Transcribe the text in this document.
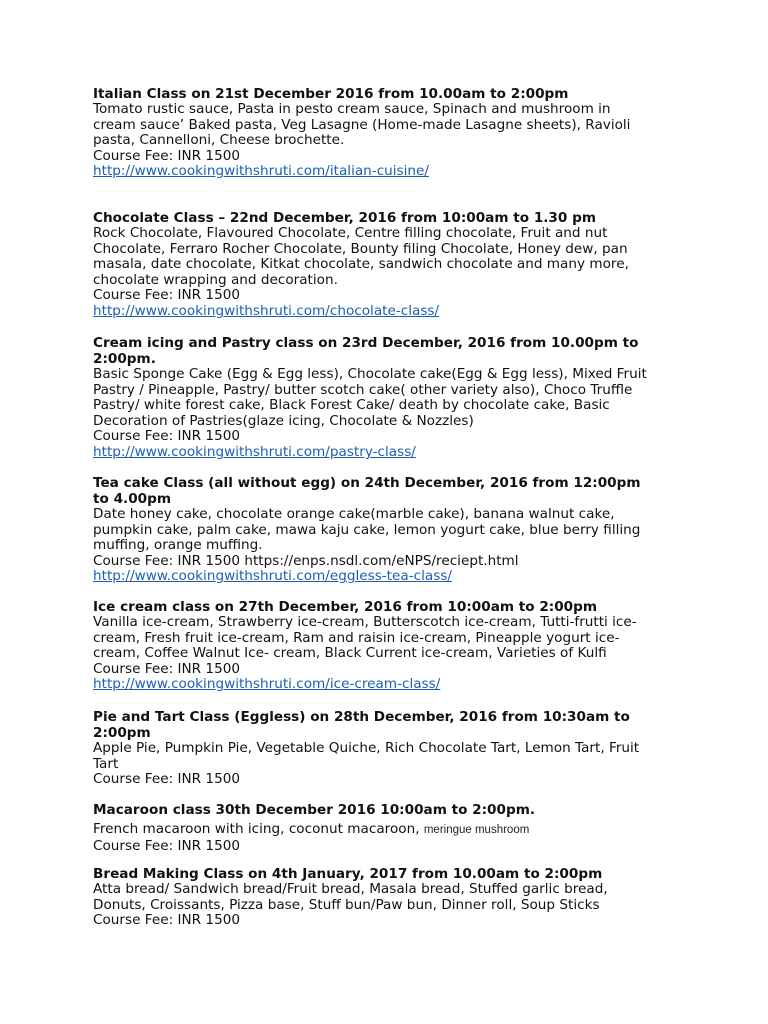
Italian Class on 21st December 2016 from 10.00am to 2:00pm

Tomato rustic sauce, Pasta in pesto cream sauce, Spinach and mushroom in

cream sauce’ Baked pasta, Veg Lasagne (Home-made Lasagne sheets), Ravioli

pasta, Cannelloni, Cheese brochette.

Course Fee: INR 1500

http://www.cookingwithshruti.com/italian-cuisine/

Chocolate Class – 22nd December, 2016 from 10:00am to 1.30 pm

Rock Chocolate, Flavoured Chocolate, Centre filling chocolate, Fruit and nut

Chocolate, Ferraro Rocher Chocolate, Bounty filing Chocolate, Honey dew, pan

masala, date chocolate, Kitkat chocolate, sandwich chocolate and many more,

chocolate wrapping and decoration.

Course Fee: INR 1500

http://www.cookingwithshruti.com/chocolate-class/

Cream icing and Pastry class on 23rd December, 2016 from 10.00pm to

2:00pm.

Basic Sponge Cake (Egg & Egg less), Chocolate cake(Egg & Egg less), Mixed Fruit

Pastry / Pineapple, Pastry/ butter scotch cake( other variety also), Choco Truffle

Pastry/ white forest cake, Black Forest Cake/ death by chocolate cake, Basic

Decoration of Pastries(glaze icing, Chocolate & Nozzles)

Course Fee: INR 1500

http://www.cookingwithshruti.com/pastry-class/

Tea cake Class (all without egg) on 24th December, 2016 from 12:00pm

to 4.00pm

Date honey cake, chocolate orange cake(marble cake), banana walnut cake,

pumpkin cake, palm cake, mawa kaju cake, lemon yogurt cake, blue berry filling

muffing, orange muffing.

Course Fee: INR 1500 https://enps.nsdl.com/eNPS/reciept.html

http://www.cookingwithshruti.com/eggless-tea-class/

Ice cream class on 27th December, 2016 from 10:00am to 2:00pm

Vanilla ice-cream, Strawberry ice-cream, Butterscotch ice-cream, Tutti-frutti ice-

cream, Fresh fruit ice-cream, Ram and raisin ice-cream, Pineapple yogurt ice-

cream, Coffee Walnut Ice- cream, Black Current ice-cream, Varieties of Kulfi

Course Fee: INR 1500

http://www.cookingwithshruti.com/ice-cream-class/

Pie and Tart Class (Eggless) on 28th December, 2016 from 10:30am to

2:00pm

Apple Pie, Pumpkin Pie, Vegetable Quiche, Rich Chocolate Tart, Lemon Tart, Fruit

Tart

Course Fee: INR 1500

Macaroon class 30th December 2016 10:00am to 2:00pm.

French macaroon with icing, coconut macaroon, meringue mushroom

Course Fee: INR 1500

Bread Making Class on 4th January, 2017 from 10.00am to 2:00pm

Atta bread/ Sandwich bread/Fruit bread, Masala bread, Stuffed garlic bread,

Donuts, Croissants, Pizza base, Stuff bun/Paw bun, Dinner roll, Soup Sticks

Course Fee: INR 1500
